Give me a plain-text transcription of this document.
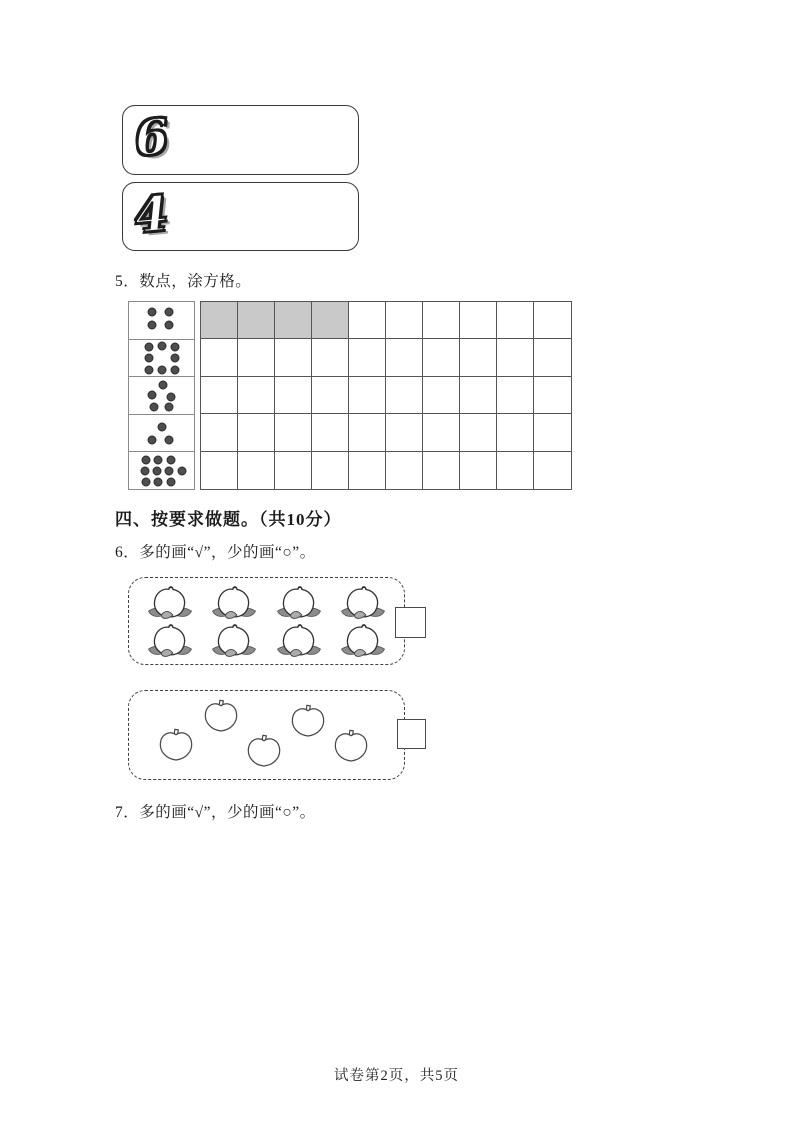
6
4
5．数点，涂方格。
四、按要求做题。（共10分）
6．多的画“√”，少的画“○”。
7．多的画“√”，少的画“○”。
试卷第2页，共5页
